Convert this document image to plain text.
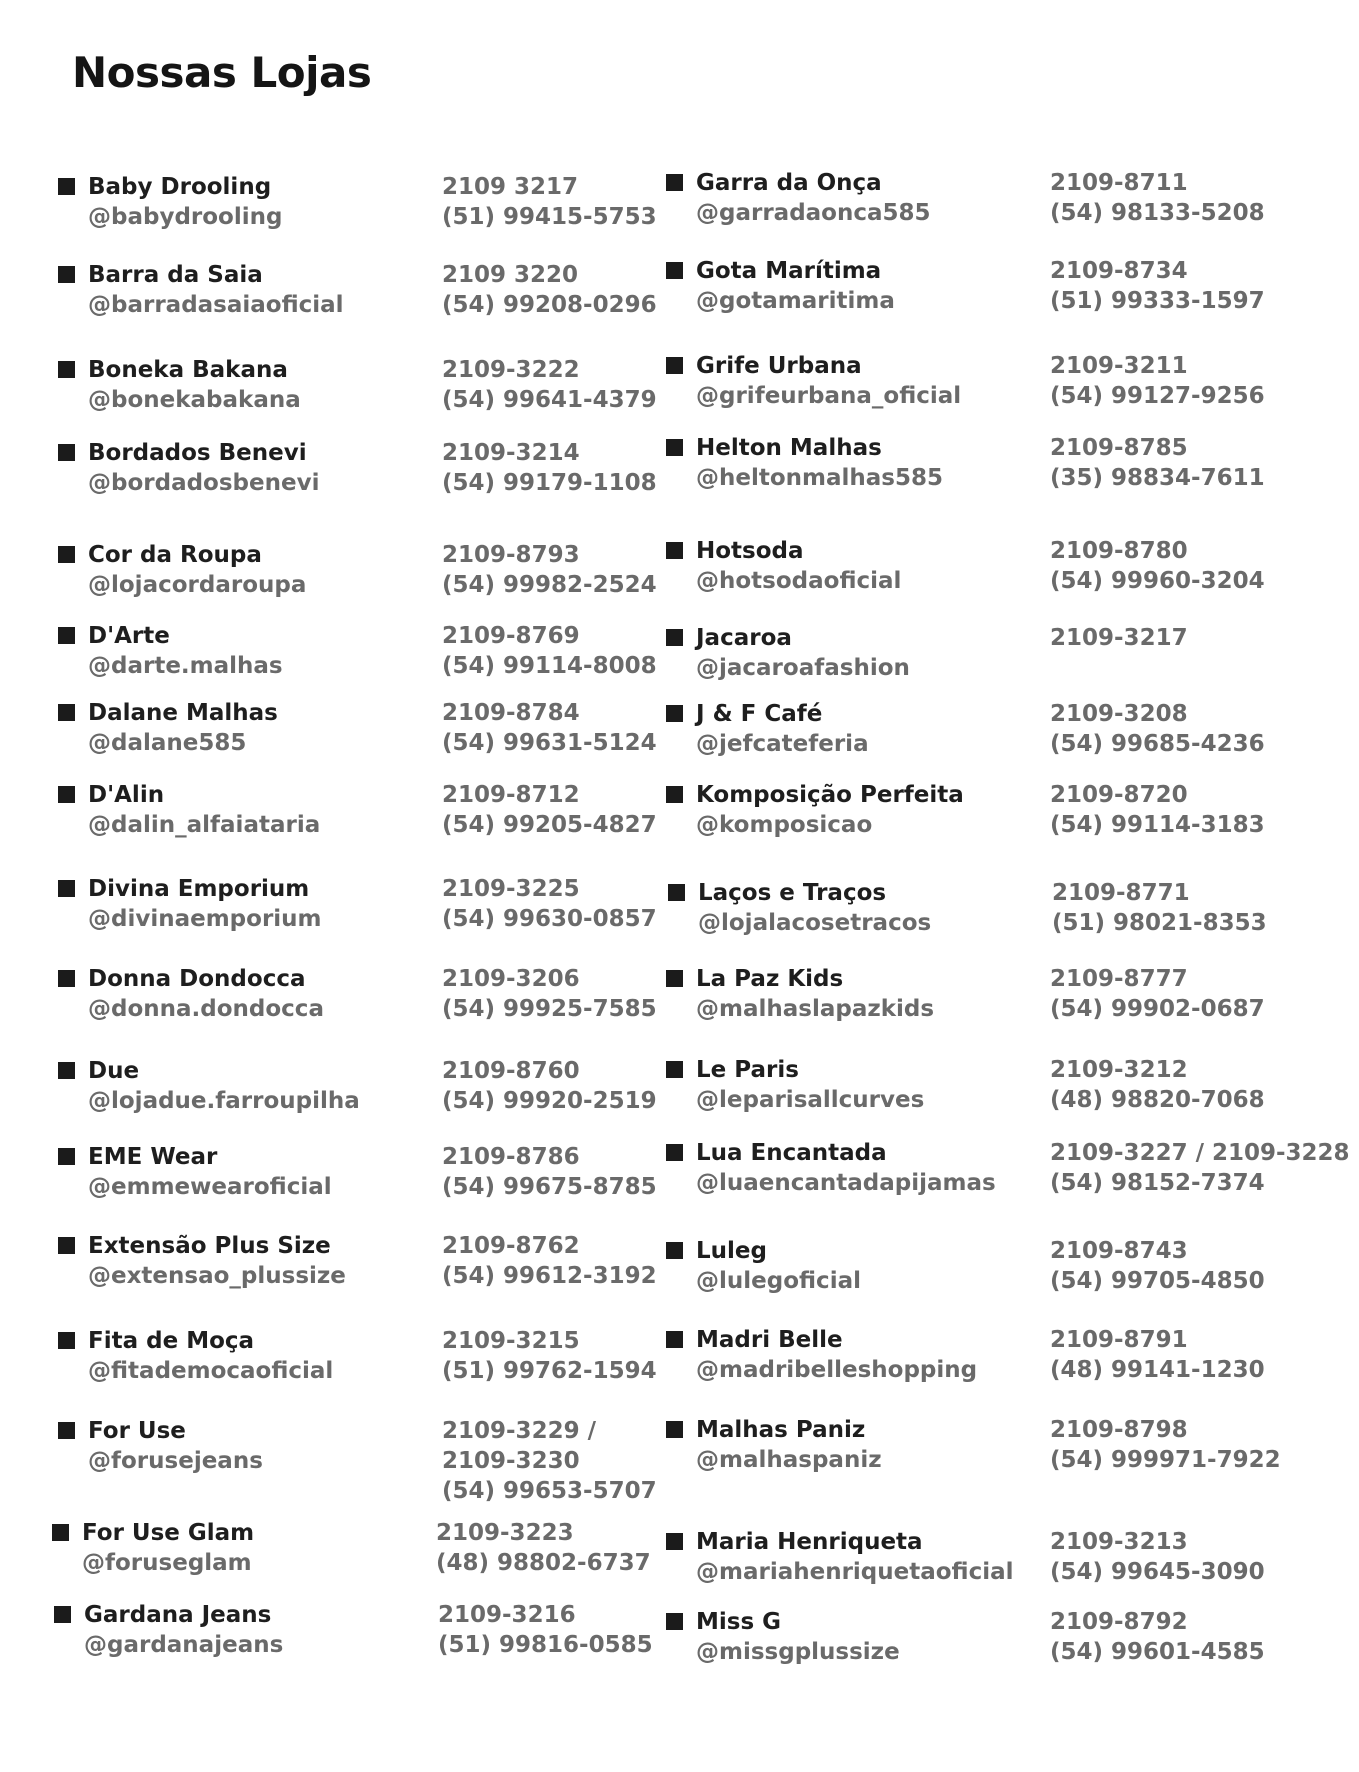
Nossas Lojas
Baby Drooling
@babydrooling
2109 3217
(51) 99415-5753
Barra da Saia
@barradasaiaoficial
2109 3220
(54) 99208-0296
Boneka Bakana
@bonekabakana
2109-3222
(54) 99641-4379
Bordados Benevi
@bordadosbenevi
2109-3214
(54) 99179-1108
Cor da Roupa
@lojacordaroupa
2109-8793
(54) 99982-2524
D'Arte
@darte.malhas
2109-8769
(54) 99114-8008
Dalane Malhas
@dalane585
2109-8784
(54) 99631-5124
D'Alin
@dalin_alfaiataria
2109-8712
(54) 99205-4827
Divina Emporium
@divinaemporium
2109-3225
(54) 99630-0857
Donna Dondocca
@donna.dondocca
2109-3206
(54) 99925-7585
Due
@lojadue.farroupilha
2109-8760
(54) 99920-2519
EME Wear
@emmewearoficial
2109-8786
(54) 99675-8785
Extensão Plus Size
@extensao_plussize
2109-8762
(54) 99612-3192
Fita de Moça
@fitademocaoficial
2109-3215
(51) 99762-1594
For Use
@forusejeans
2109-3229 /
2109-3230
(54) 99653-5707
For Use Glam
@foruseglam
2109-3223
(48) 98802-6737
Gardana Jeans
@gardanajeans
2109-3216
(51) 99816-0585
Garra da Onça
@garradaonca585
2109-8711
(54) 98133-5208
Gota Marítima
@gotamaritima
2109-8734
(51) 99333-1597
Grife Urbana
@grifeurbana_oficial
2109-3211
(54) 99127-9256
Helton Malhas
@heltonmalhas585
2109-8785
(35) 98834-7611
Hotsoda
@hotsodaoficial
2109-8780
(54) 99960-3204
Jacaroa
@jacaroafashion
2109-3217
J & F Café
@jefcateferia
2109-3208
(54) 99685-4236
Komposição Perfeita
@komposicao
2109-8720
(54) 99114-3183
Laços e Traços
@lojalacosetracos
2109-8771
(51) 98021-8353
La Paz Kids
@malhaslapazkids
2109-8777
(54) 99902-0687
Le Paris
@leparisallcurves
2109-3212
(48) 98820-7068
Lua Encantada
@luaencantadapijamas
2109-3227 / 2109-3228
(54) 98152-7374
Luleg
@lulegoficial
2109-8743
(54) 99705-4850
Madri Belle
@madribelleshopping
2109-8791
(48) 99141-1230
Malhas Paniz
@malhaspaniz
2109-8798
(54) 999971-7922
Maria Henriqueta
@mariahenriquetaoficial
2109-3213
(54) 99645-3090
Miss G
@missgplussize
2109-8792
(54) 99601-4585
